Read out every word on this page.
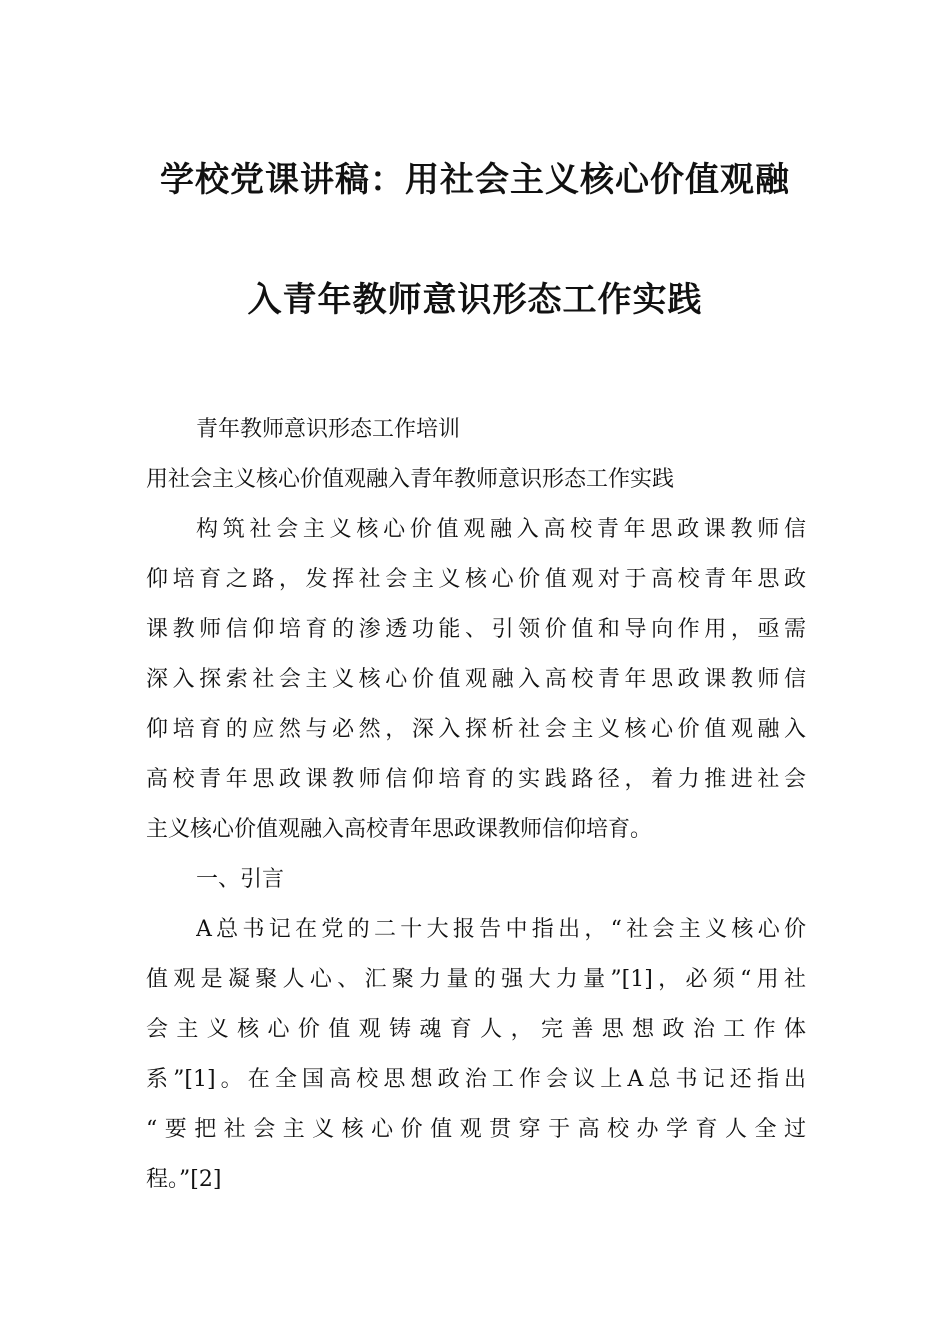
学校党课讲稿：用社会主义核心价值观融
入青年教师意识形态工作实践
青年教师意识形态工作培训
用社会主义核心价值观融入青年教师意识形态工作实践
构筑社会主义核心价值观融入高校青年思政课教师信
仰培育之路，发挥社会主义核心价值观对于高校青年思政
课教师信仰培育的渗透功能、引领价值和导向作用，亟需
深入探索社会主义核心价值观融入高校青年思政课教师信
仰培育的应然与必然，深入探析社会主义核心价值观融入
高校青年思政课教师信仰培育的实践路径，着力推进社会
主义核心价值观融入高校青年思政课教师信仰培育。
一、引言
A总书记在党的二十大报告中指出，“社会主义核心价
值观是凝聚人心、汇聚力量的强大力量”[1]，必须“用社
会主义核心价值观铸魂育人，完善思想政治工作体
系”[1]。在全国高校思想政治工作会议上A总书记还指出
“要把社会主义核心价值观贯穿于高校办学育人全过
程。”[2]
